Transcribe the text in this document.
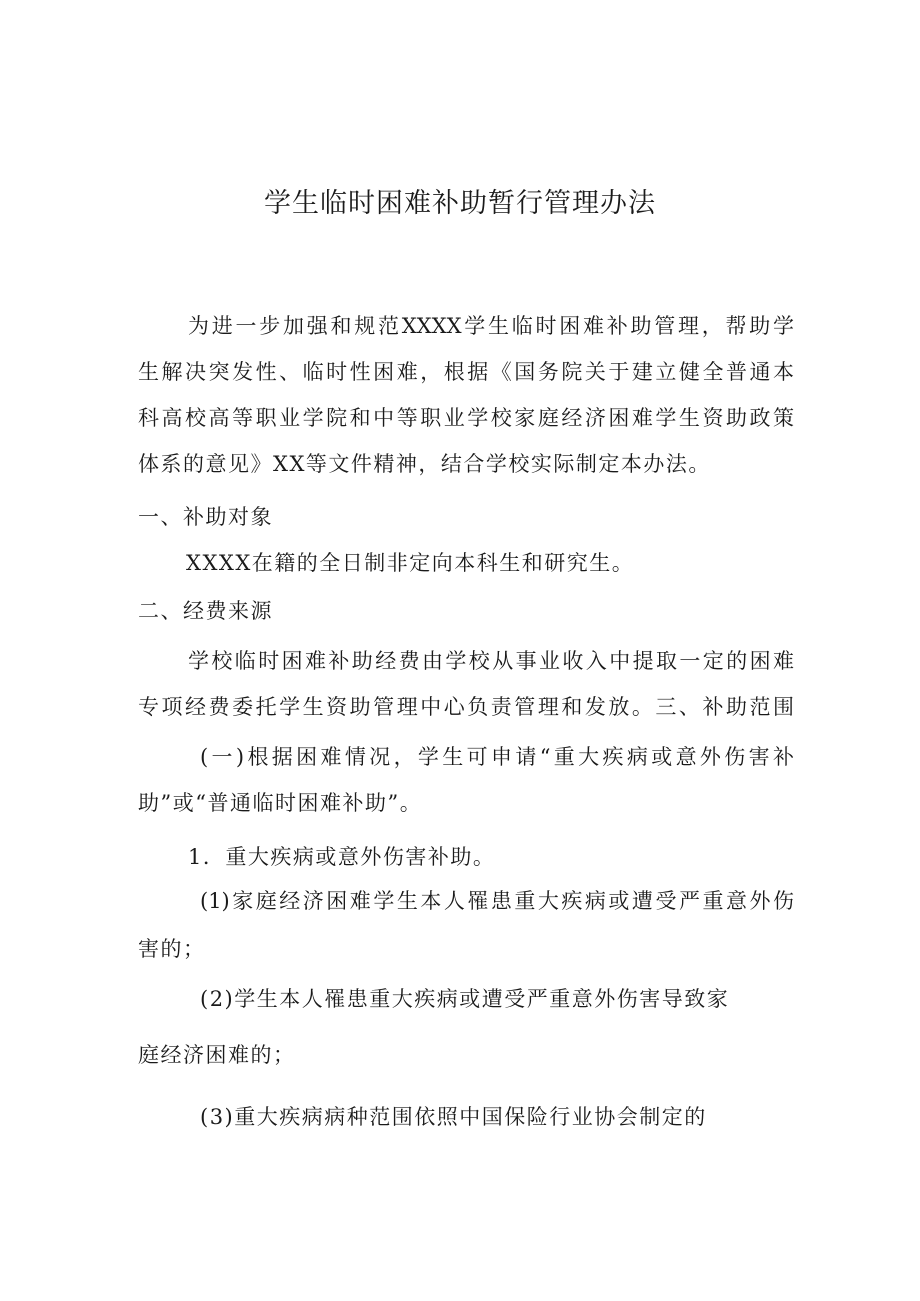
学生临时困难补助暂行管理办法
为进一步加强和规范XXXX学生临时困难补助管理，帮助学
生解决突发性、临时性困难，根据《国务院关于建立健全普通本
科高校高等职业学院和中等职业学校家庭经济困难学生资助政策
体系的意见》XX等文件精神，结合学校实际制定本办法。
一、补助对象
XXXX在籍的全日制非定向本科生和研究生。
二、经费来源
学校临时困难补助经费由学校从事业收入中提取一定的困难
专项经费委托学生资助管理中心负责管理和发放。三、补助范围
(一)根据困难情况，学生可申请“重大疾病或意外伤害补
助”或“普通临时困难补助”。
1．重大疾病或意外伤害补助。
(1)家庭经济困难学生本人罹患重大疾病或遭受严重意外伤
害的；
(2)学生本人罹患重大疾病或遭受严重意外伤害导致家
庭经济困难的；
(3)重大疾病病种范围依照中国保险行业协会制定的
